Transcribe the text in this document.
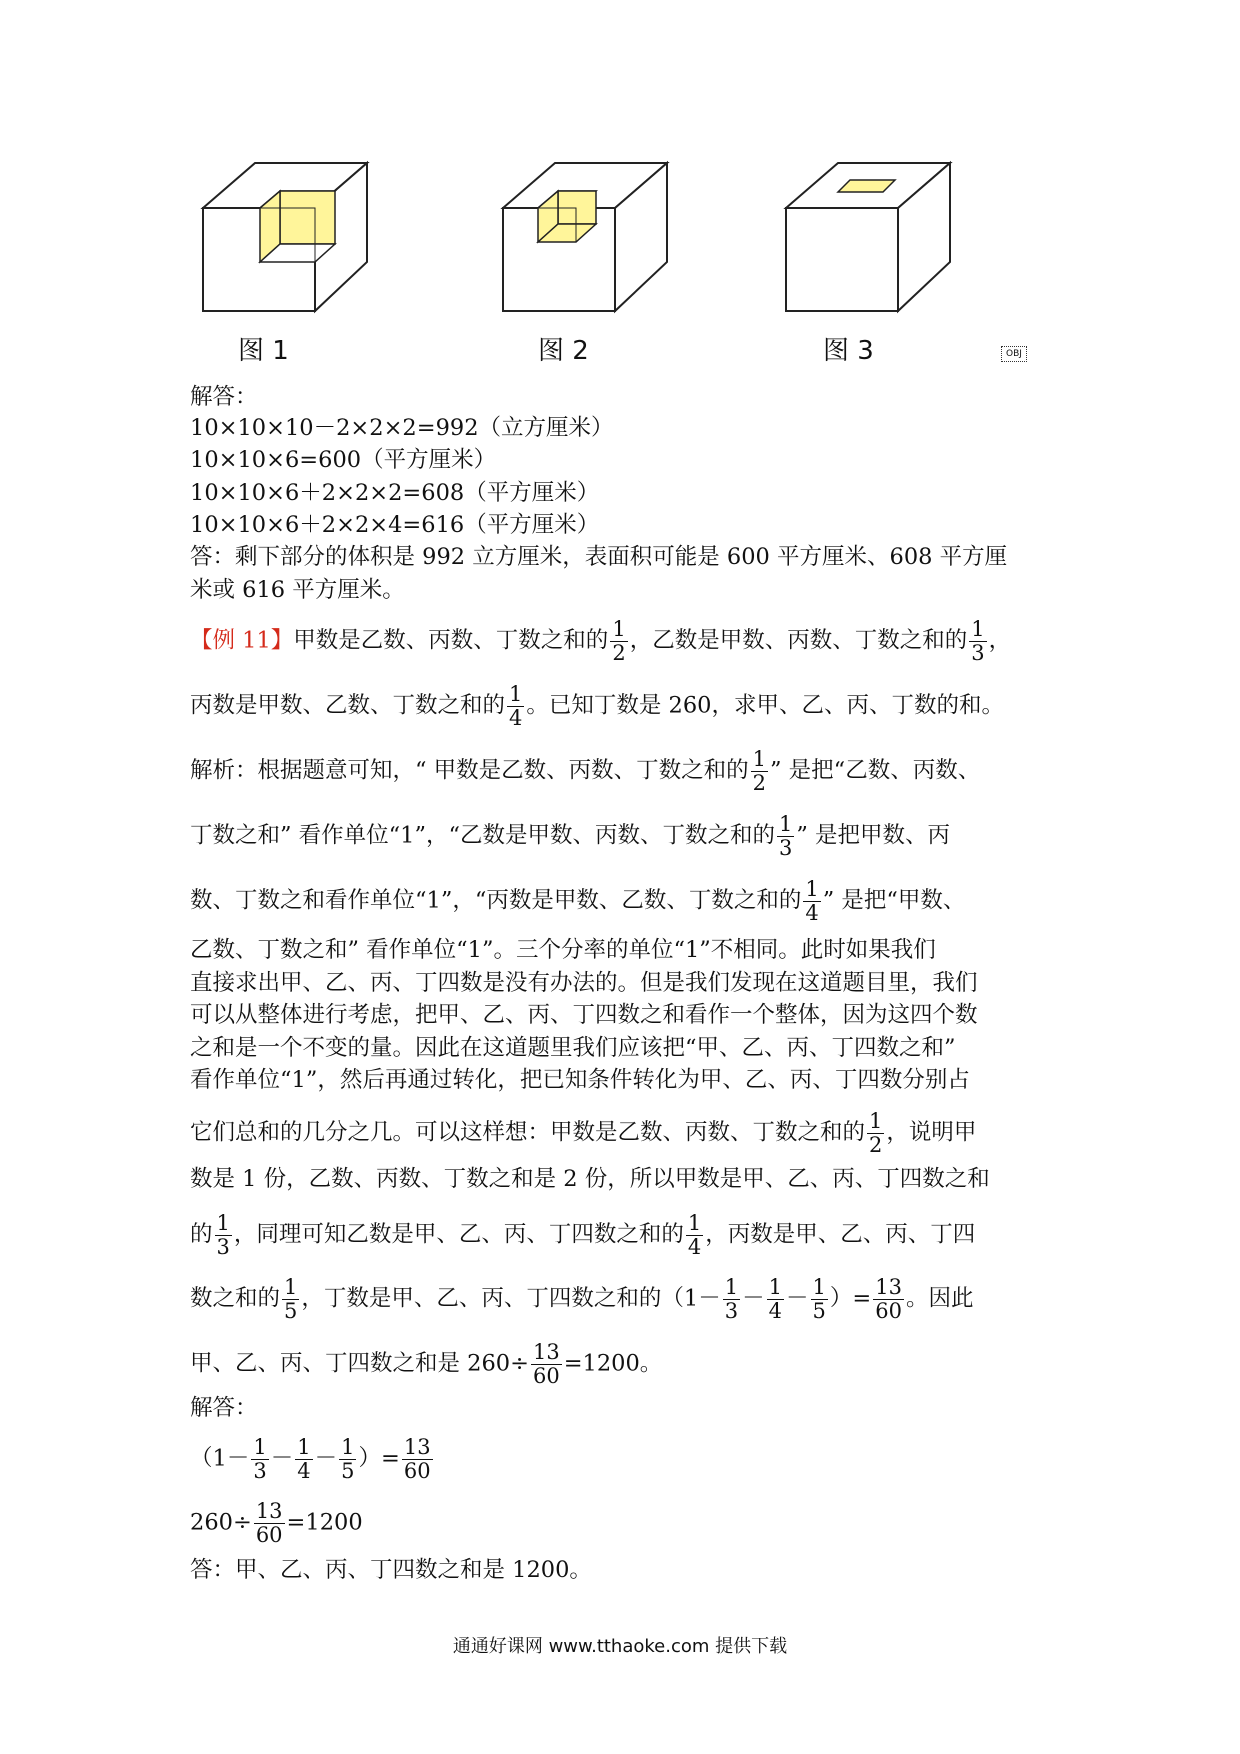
图 1	图 2	图 3	OBJ
解答：
10×10×10－2×2×2=992（立方厘米）
10×10×6=600（平方厘米）
10×10×6＋2×2×2=608（平方厘米）
10×10×6＋2×2×4=616（平方厘米）
答：剩下部分的体积是 992 立方厘米，表面积可能是 600 平方厘米、608 平方厘
米或 616 平方厘米。
【例 11】甲数是乙数、丙数、丁数之和的 $\frac{1}{2}$ ，乙数是甲数、丙数、丁数之和的 $\frac{1}{3}$ ，
丙数是甲数、乙数、丁数之和的 $\frac{1}{4}$ 。已知丁数是 260，求甲、乙、丙、丁数的和。
解析：根据题意可知，“ 甲数是乙数、丙数、丁数之和的 $\frac{1}{2}$ ” 是把“乙数、丙数、
丁数之和” 看作单位“1”，“乙数是甲数、丙数、丁数之和的 $\frac{1}{3}$ ” 是把甲数、丙
数、丁数之和看作单位“1”，“丙数是甲数、乙数、丁数之和的 $\frac{1}{4}$ ” 是把“甲数、
乙数、丁数之和” 看作单位“1”。三个分率的单位“1”不相同。此时如果我们
直接求出甲、乙、丙、丁四数是没有办法的。但是我们发现在这道题目里，我们
可以从整体进行考虑，把甲、乙、丙、丁四数之和看作一个整体，因为这四个数
之和是一个不变的量。因此在这道题里我们应该把“甲、乙、丙、丁四数之和”
看作单位“1”，然后再通过转化，把已知条件转化为甲、乙、丙、丁四数分别占
它们总和的几分之几。可以这样想：甲数是乙数、丙数、丁数之和的 $\frac{1}{2}$ ，说明甲
数是 1 份，乙数、丙数、丁数之和是 2 份，所以甲数是甲、乙、丙、丁四数之和
的 $\frac{1}{3}$ ，同理可知乙数是甲、乙、丙、丁四数之和的 $\frac{1}{4}$ ，丙数是甲、乙、丙、丁四
数之和的 $\frac{1}{5}$ ，丁数是甲、乙、丙、丁四数之和的（$1- \frac{1}{3} - \frac{1}{4} - \frac{1}{5}$ ）= $\frac{13}{60}$ 。因此
甲、乙、丙、丁四数之和是 $260\div \frac{13}{60} =1200$。
解答：
（$1- \frac{1}{3} - \frac{1}{4} - \frac{1}{5}$ ）= $\frac{13}{60}$
$260\div \frac{13}{60} =1200$
答：甲、乙、丙、丁四数之和是 1200。
通通好课网 www.tthaoke.com 提供下载
